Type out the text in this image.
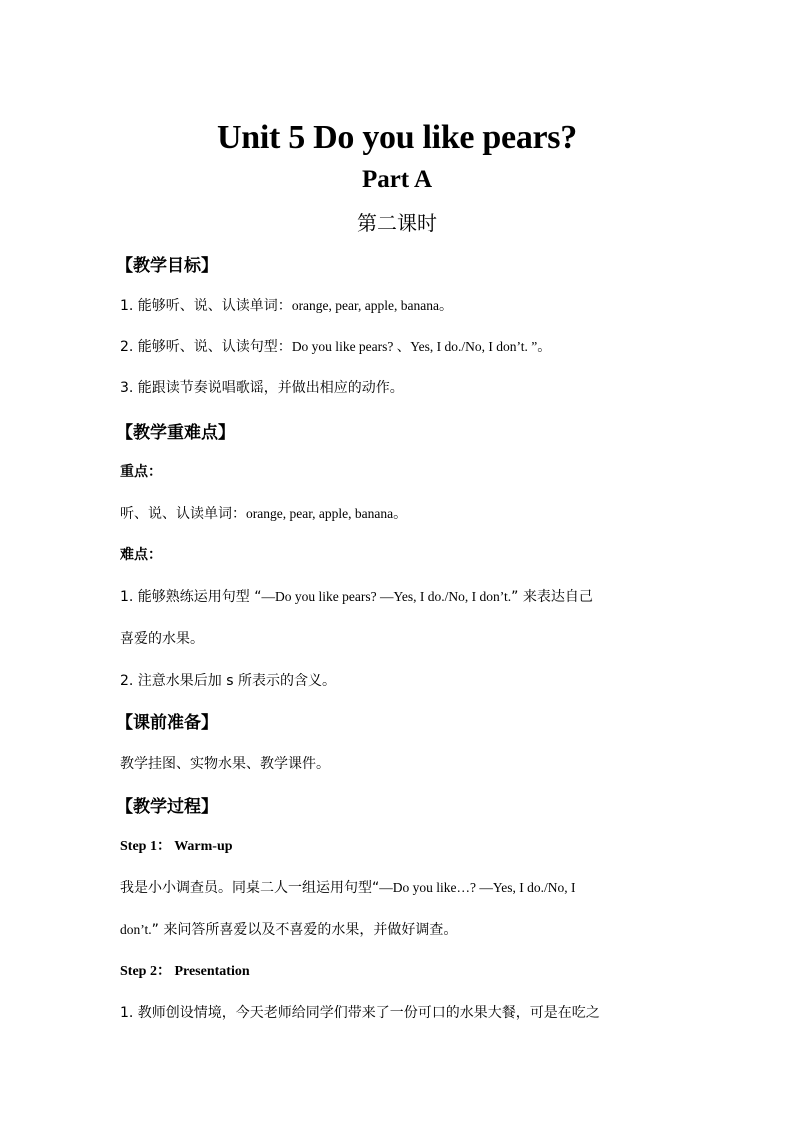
Unit 5 Do you like pears?
Part A
第二课时
【教学目标】
1. 能够听、说、认读单词：orange, pear, apple, banana。
2. 能够听、说、认读句型：Do you like pears? 、Yes, I do./No, I don’t. ”。
3. 能跟读节奏说唱歌谣，并做出相应的动作。
【教学重难点】
重点：
听、说、认读单词：orange, pear, apple, banana。
难点：
1. 能够熟练运用句型 “—Do you like pears? —Yes, I do./No, I don’t.” 来表达自己
喜爱的水果。
2. 注意水果后加 s 所表示的含义。
【课前准备】
教学挂图、实物水果、教学课件。
【教学过程】
Step 1： Warm-up
我是小小调查员。同桌二人一组运用句型“—Do you like…? —Yes, I do./No, I
don’t.” 来问答所喜爱以及不喜爱的水果，并做好调查。
Step 2： Presentation
1. 教师创设情境，今天老师给同学们带来了一份可口的水果大餐，可是在吃之
